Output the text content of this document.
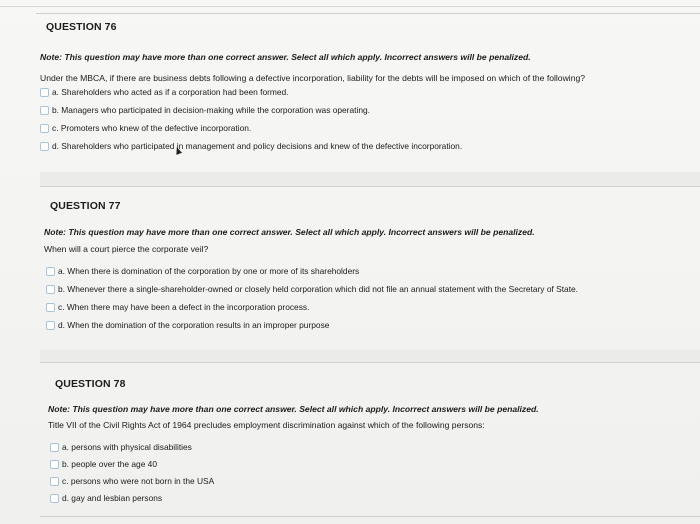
QUESTION 76
Note: This question may have more than one correct answer. Select all which apply. Incorrect answers will be penalized.
Under the MBCA, if there are business debts following a defective incorporation, liability for the debts will be imposed on which of the following?
a. Shareholders who acted as if a corporation had been formed.
b. Managers who participated in decision-making while the corporation was operating.
c. Promoters who knew of the defective incorporation.
d. Shareholders who participated in management and policy decisions and knew of the defective incorporation.
QUESTION 77
Note: This question may have more than one correct answer. Select all which apply. Incorrect answers will be penalized.
When will a court pierce the corporate veil?
a. When there is domination of the corporation by one or more of its shareholders
b. Whenever there a single-shareholder-owned or closely held corporation which did not file an annual statement with the Secretary of State.
c. When there may have been a defect in the incorporation process.
d. When the domination of the corporation results in an improper purpose
QUESTION 78
Note: This question may have more than one correct answer. Select all which apply. Incorrect answers will be penalized.
Title VII of the Civil Rights Act of 1964 precludes employment discrimination against which of the following persons:
a. persons with physical disabilities
b. people over the age 40
c. persons who were not born in the USA
d. gay and lesbian persons
